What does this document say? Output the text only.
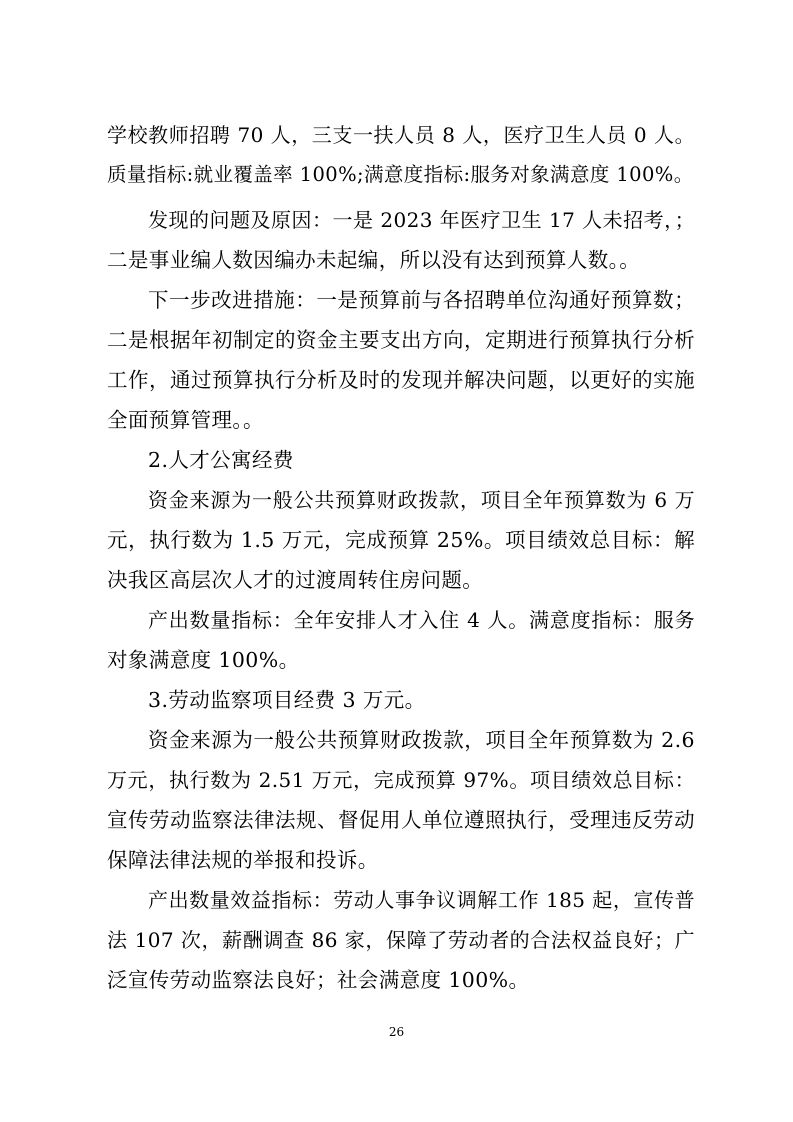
学校教师招聘 70 人，三支一扶人员 8 人，医疗卫生人员 0 人。
质量指标:就业覆盖率 100%;满意度指标:服务对象满意度 100%。
发现的问题及原因：一是 2023 年医疗卫生 17 人未招考，；
二是事业编人数因编办未起编，所以没有达到预算人数。。
下一步改进措施：一是预算前与各招聘单位沟通好预算数；
二是根据年初制定的资金主要支出方向，定期进行预算执行分析
工作，通过预算执行分析及时的发现并解决问题，以更好的实施
全面预算管理。。
2.人才公寓经费
资金来源为一般公共预算财政拨款，项目全年预算数为 6 万
元，执行数为 1.5 万元，完成预算 25%。项目绩效总目标：解
决我区高层次人才的过渡周转住房问题。
产出数量指标：全年安排人才入住 4 人。满意度指标：服务
对象满意度 100%。
3.劳动监察项目经费 3 万元。
资金来源为一般公共预算财政拨款，项目全年预算数为 2.6
万元，执行数为 2.51 万元，完成预算 97%。项目绩效总目标：
宣传劳动监察法律法规、督促用人单位遵照执行，受理违反劳动
保障法律法规的举报和投诉。
产出数量效益指标：劳动人事争议调解工作 185 起，宣传普
法 107 次，薪酬调查 86 家，保障了劳动者的合法权益良好；广
泛宣传劳动监察法良好；社会满意度 100%。
26
